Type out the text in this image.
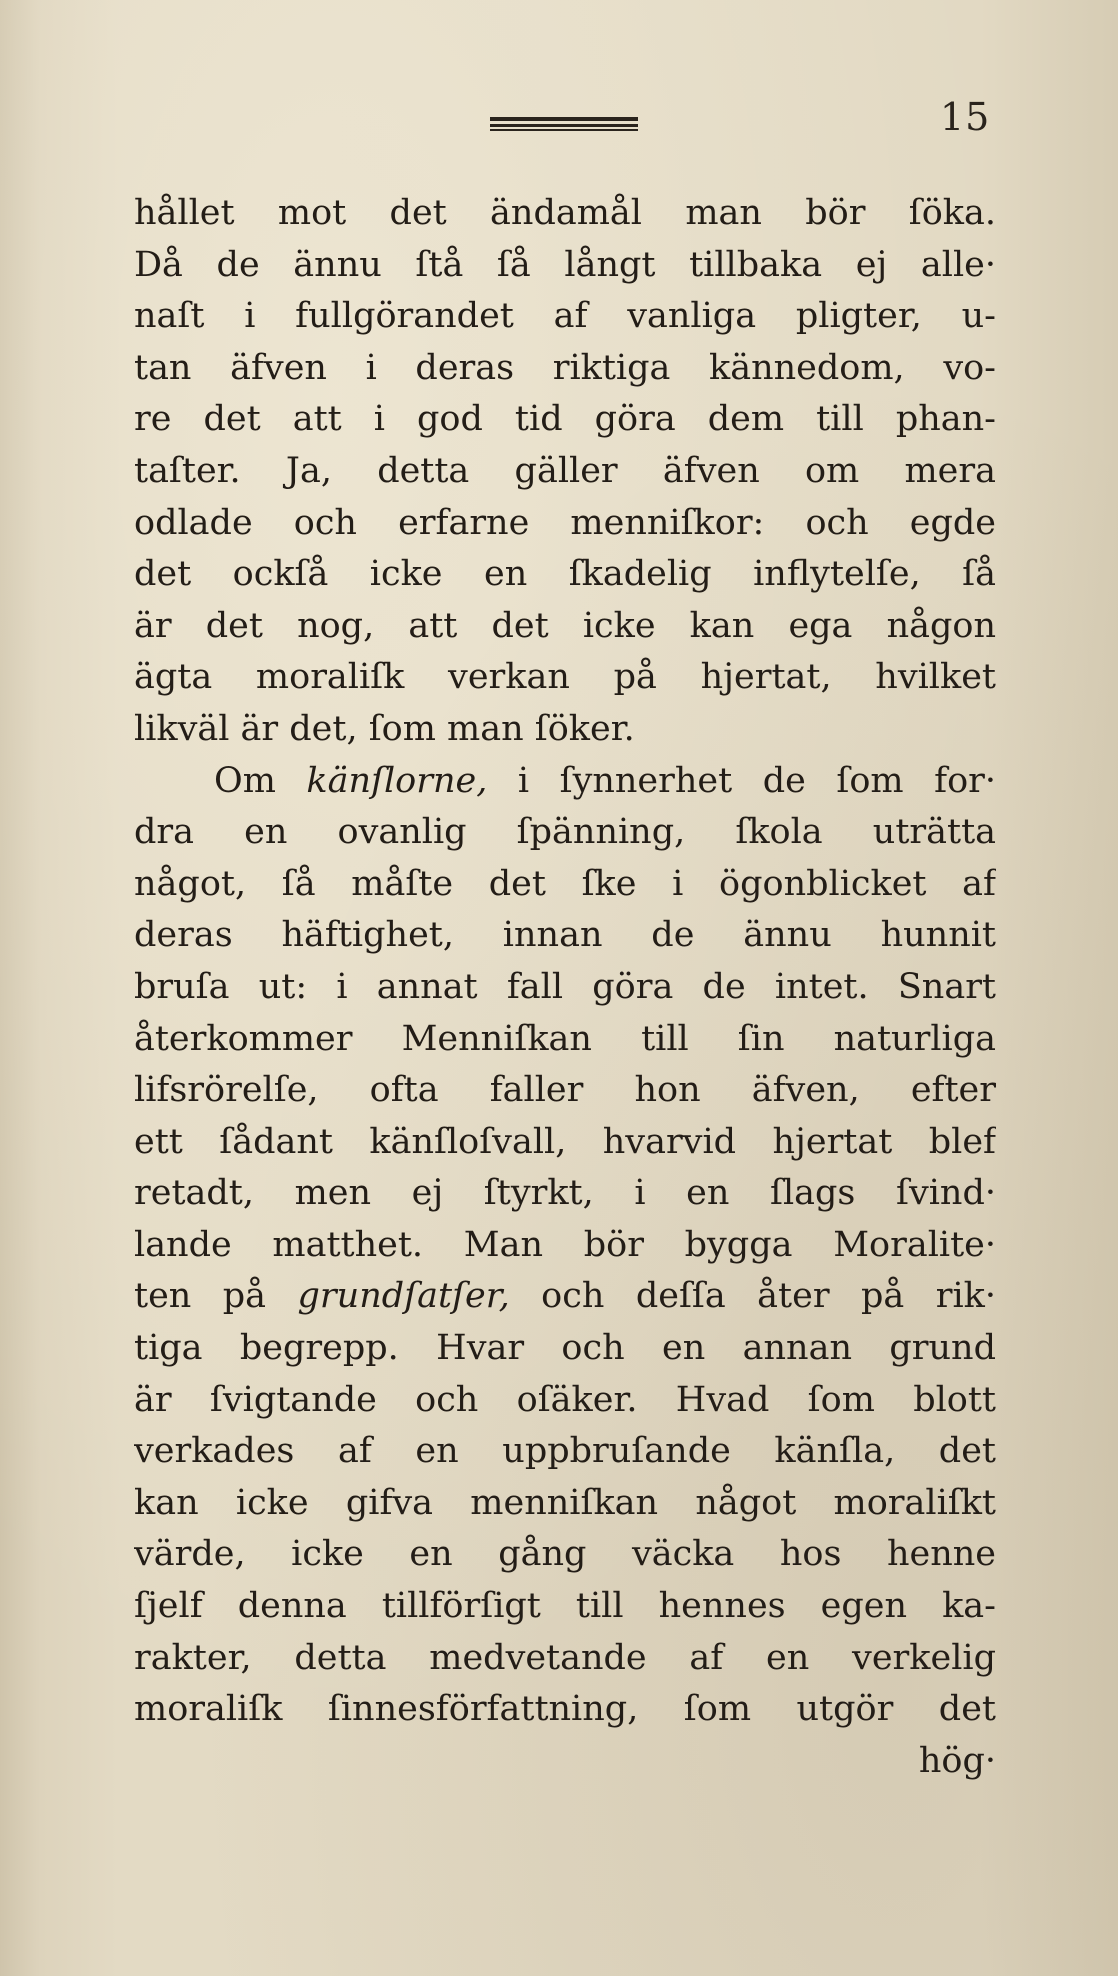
15
hållet mot det ändamål man bör ſöka.
Då de ännu ſtå ſå långt tillbaka ej alle·
naſt i fullgörandet af vanliga pligter, u-
tan äfven i deras riktiga kännedom, vo-
re det att i god tid göra dem till phan-
taſter. Ja, detta gäller äfven om mera
odlade och erfarne menniſkor: och egde
det ockſå icke en ſkadelig inflytelſe, ſå
är det nog, att det icke kan ega någon
ägta moraliſk verkan på hjertat, hvilket
likväl är det, ſom man ſöker.
Om känſlorne, i ſynnerhet de ſom for·
dra en ovanlig ſpänning, ſkola uträtta
något, ſå måſte det ſke i ögonblicket af
deras häftighet, innan de ännu hunnit
bruſa ut: i annat fall göra de intet. Snart
återkommer Menniſkan till ſin naturliga
lifsrörelſe, ofta faller hon äfven, efter
ett ſådant känſloſvall, hvarvid hjertat blef
retadt, men ej ſtyrkt, i en ſlags ſvind·
lande matthet. Man bör bygga Moralite·
ten på grundſatſer, och deſſa åter på rik·
tiga begrepp. Hvar och en annan grund
är ſvigtande och oſäker. Hvad ſom blott
verkades af en uppbruſande känſla, det
kan icke gifva menniſkan något moraliſkt
värde, icke en gång väcka hos henne
ſjelf denna tillförſigt till hennes egen ka-
rakter, detta medvetande af en verkelig
moraliſk ſinnesförfattning, ſom utgör det
hög·
